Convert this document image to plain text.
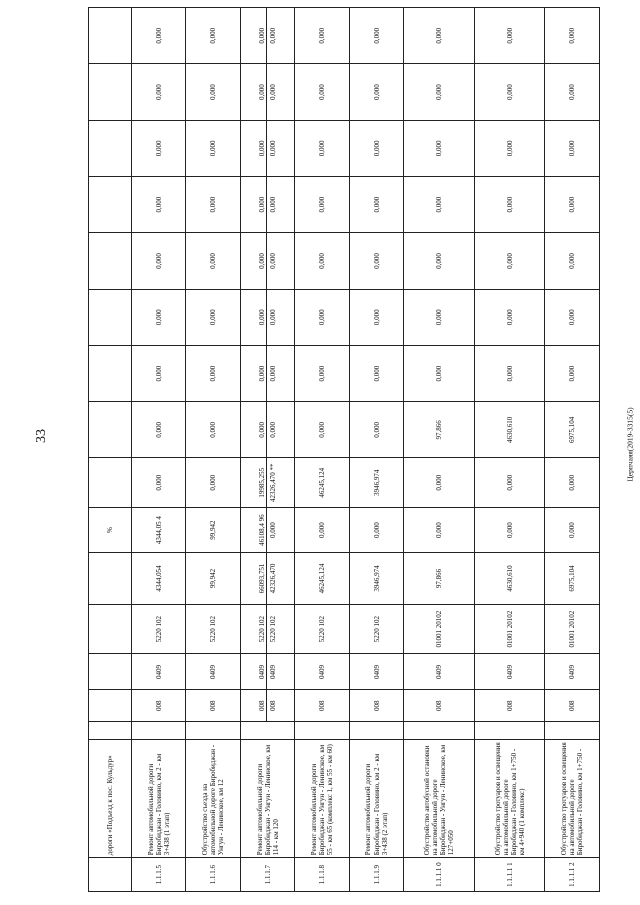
33	Церпчаяя(2019-3315(5)
	дороги «Подъезд к пос. Кульдур»						%									
1.1.1.5	Ремонт автомобильной дороги Биробиджан - Головино, км 2 - км 3+438 (1 этап)		008	0409	5220 102	4344,054	4344,05 4	0,000	0,000	0,000	0,000	0,000	0,000	0,000	0,000	0,000
1.1.1.6	Обустройство съезда на автомобильной дороге Биробиджан - Унгун - Ленинское, км 12		008	0409	5220 102	99,942	99,942	0,000	0,000	0,000	0,000	0,000	0,000	0,000	0,000	0,000
1.1.1.7	Ремонт автомобильной дороги Биробиджан - Унгун - Ленинское, км 114 - км 120		008 008	0409 0409	5220 102 5220 102	66093,751 42326,470	46108,4 96 0,000	19985,255 42326,470 **	0,000 0,000	0,000 0,000	0,000 0,000	0,000 0,000	0,000 0,000	0,000 0,000	0,000 0,000	0,000 0,000

1.1.1.8	Ремонт автомобильной дороги Биробиджан - Унгун - Ленинское, км 55 - км 65 (комплекс 1, км 55 - км 60)		008	0409	5220 102	46245,124	0,000	46245,124	0,000	0,000	0,000	0,000	0,000	0,000	0,000	0,000
1.1.1.9	Ремонт автомобильной дороги Биробиджан - Головино, км 2 - км 3+438 (2 этап)		008	0409	5220 102	3946,974	0,000	3946,974	0,000	0,000	0,000	0,000	0,000	0,000	0,000	0,000
1.1.1.1 0	Обустройство автобусной остановки на автомобильной дороге Биробиджан - Унгун - Ленинское, км 127+050		008	0409	01001 20102	97,866	0,000	0,000	97,866	0,000	0,000	0,000	0,000	0,000	0,000	0,000
1.1.1.1 1	Обустройство тротуаров и освещения на автомобильной дороге Биробиджан - Головино, км 1+750 - км 4+940 (1 комплекс)		008	0409	01001 20102	4630,610	0,000	0,000	4630,610	0,000	0,000	0,000	0,000	0,000	0,000	0,000
1.1.1.1 2	Обустройство тротуаров и освещения на автомобильной дороге Биробиджан - Головино, км 1+750 -		008	0409	01001 20102	6975,104	0,000	0,000	6975,104	0,000	0,000	0,000	0,000	0,000	0,000	0,000
